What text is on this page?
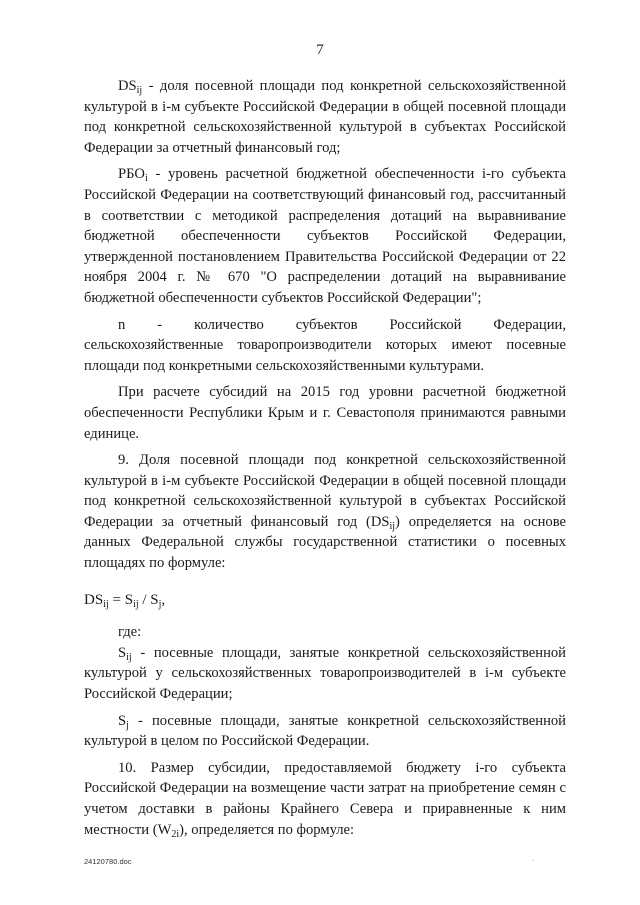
7

$DS_{ij}$ - доля посевной площади под конкретной сельскохозяйственной культурой в i-м субъекте Российской Федерации в общей посевной площади под конкретной сельскохозяйственной культурой в субъектах Российской Федерации за отчетный финансовый год;

$РБО_i$ - уровень расчетной бюджетной обеспеченности i-го субъекта Российской Федерации на соответствующий финансовый год, рассчитанный в соответствии с методикой распределения дотаций на выравнивание бюджетной обеспеченности субъектов Российской Федерации, утвержденной постановлением Правительства Российской Федерации от 22 ноября 2004 г. № 670 "О распределении дотаций на выравнивание бюджетной обеспеченности субъектов Российской Федерации";

n - количество субъектов Российской Федерации, сельскохозяйственные товаропроизводители которых имеют посевные площади под конкретными сельскохозяйственными культурами.

При расчете субсидий на 2015 год уровни расчетной бюджетной обеспеченности Республики Крым и г. Севастополя принимаются равными единице.

9. Доля посевной площади под конкретной сельскохозяйственной культурой в i-м субъекте Российской Федерации в общей посевной площади под конкретной сельскохозяйственной культурой в субъектах Российской Федерации за отчетный финансовый год $(DS_{ij})$ определяется на основе данных Федеральной службы государственной статистики о посевных площадях по формуле:

$DS_{ij} = S_{ij} / S_j$,

где:

$S_{ij}$ - посевные площади, занятые конкретной сельскохозяйственной культурой у сельскохозяйственных товаропроизводителей в i-м субъекте Российской Федерации;

$S_j$ - посевные площади, занятые конкретной сельскохозяйственной культурой в целом по Российской Федерации.

10. Размер субсидии, предоставляемой бюджету i-го субъекта Российской Федерации на возмещение части затрат на приобретение семян с учетом доставки в районы Крайнего Севера и приравненные к ним местности $(W_{2i})$, определяется по формуле:

24120780.doc	.
